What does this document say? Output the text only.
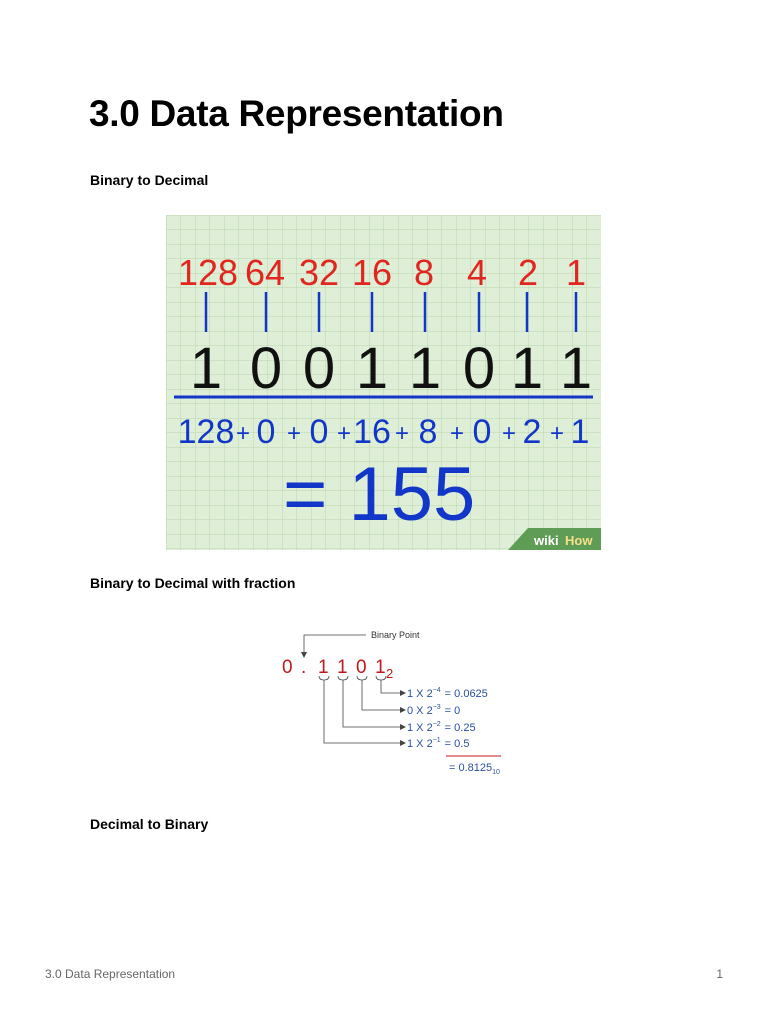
3.0 Data Representation
Binary to Decimal
128 64 32 16 8 4 2 1
1 0 0 1 1 0 1 1
128 + 0 + 0 + 16 + 8 + 0 + 2 + 1
= 155
wiki How
Binary to Decimal with fraction
Binary Point
0 . 1 1 0 1 2
1 X $2^{-4} = 0.0625$
0 X $2^{-3} = 0$
1 X $2^{-2} = 0.25$
1 X $2^{-1} = 0.5$
= $0.8125_{10}$
Decimal to Binary
3.0 Data Representation	1
